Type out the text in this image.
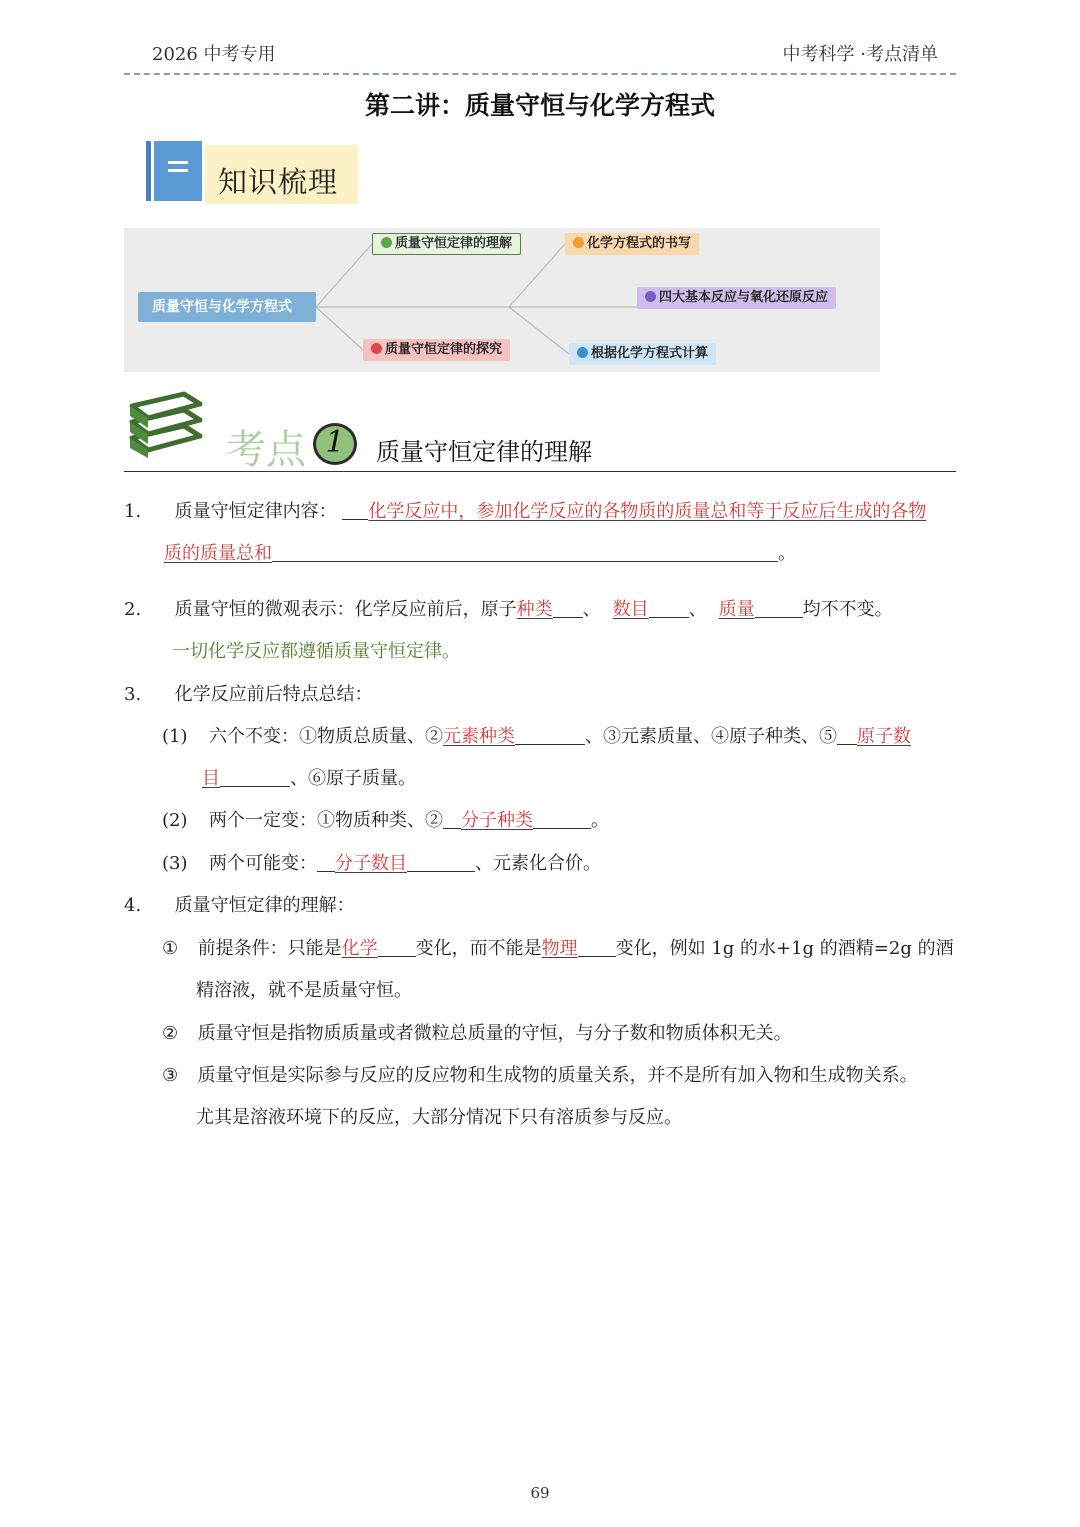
2026 中考专用	中考科学 ·考点清单
第二讲：质量守恒与化学方程式
知识梳理
质量守恒与化学方程式
质量守恒定律的理解
质量守恒定律的探究
化学方程式的书写
四大基本反应与氧化还原反应
根据化学方程式计算
考点 1	质量守恒定律的理解
1. 质量守恒定律内容： 化学反应中，参加化学反应的各物质的质量总和等于反应后生成的各物
质的质量总和	。
2. 质量守恒的微观表示：化学反应前后，原子种类 、 数目 、 质量	均不不变。
一切化学反应都遵循质量守恒定律。
3. 化学反应前后特点总结：
(1) 六个不变：①物质总质量、②元素种类	、③元素质量、④原子种类、⑤ 原子数
目	、⑥原子质量。
(2) 两个一定变：①物质种类、② 分子种类	。
(3) 两个可能变： 分子数目	、元素化合价。
4. 质量守恒定律的理解：
① 前提条件：只能是化学 变化，而不能是物理 变化，例如 1g 的水+1g 的酒精=2g 的酒
精溶液，就不是质量守恒。
② 质量守恒是指物质质量或者微粒总质量的守恒，与分子数和物质体积无关。
③ 质量守恒是实际参与反应的反应物和生成物的质量关系，并不是所有加入物和生成物关系。
尤其是溶液环境下的反应，大部分情况下只有溶质参与反应。
69
